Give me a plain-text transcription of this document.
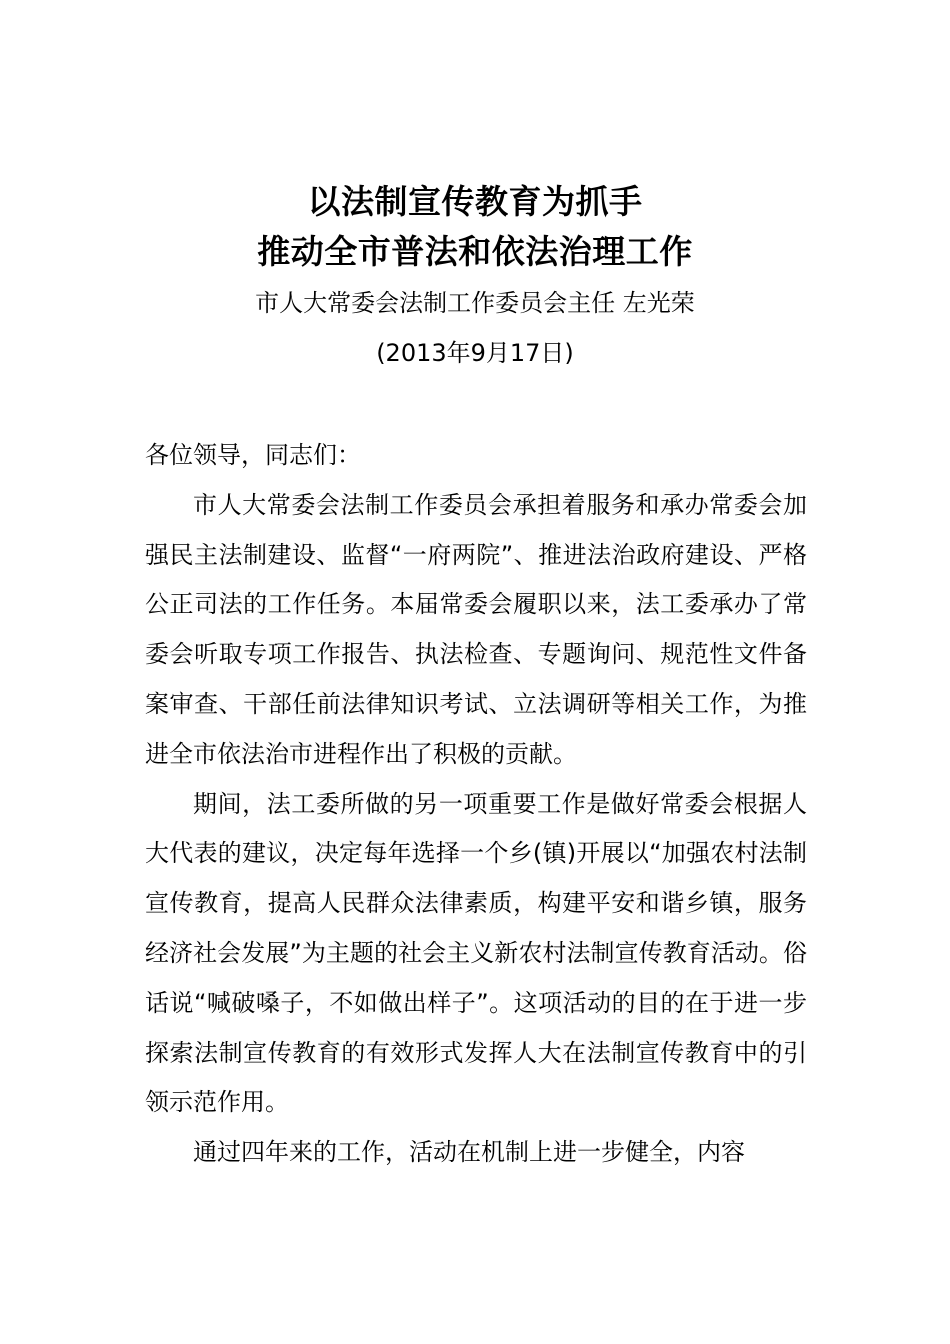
以法制宣传教育为抓手
推动全市普法和依法治理工作
市人大常委会法制工作委员会主任 左光荣
(2013年9月17日)

各位领导，同志们：

市人大常委会法制工作委员会承担着服务和承办常委会加强民主法制建设、监督“一府两院”、推进法治政府建设、严格公正司法的工作任务。本届常委会履职以来，法工委承办了常委会听取专项工作报告、执法检查、专题询问、规范性文件备案审查、干部任前法律知识考试、立法调研等相关工作，为推进全市依法治市进程作出了积极的贡献。

期间，法工委所做的另一项重要工作是做好常委会根据人大代表的建议，决定每年选择一个乡(镇)开展以“加强农村法制宣传教育，提高人民群众法律素质，构建平安和谐乡镇，服务经济社会发展”为主题的社会主义新农村法制宣传教育活动。俗话说“喊破嗓子，不如做出样子”。这项活动的目的在于进一步探索法制宣传教育的有效形式发挥人大在法制宣传教育中的引领示范作用。

通过四年来的工作，活动在机制上进一步健全，内容
